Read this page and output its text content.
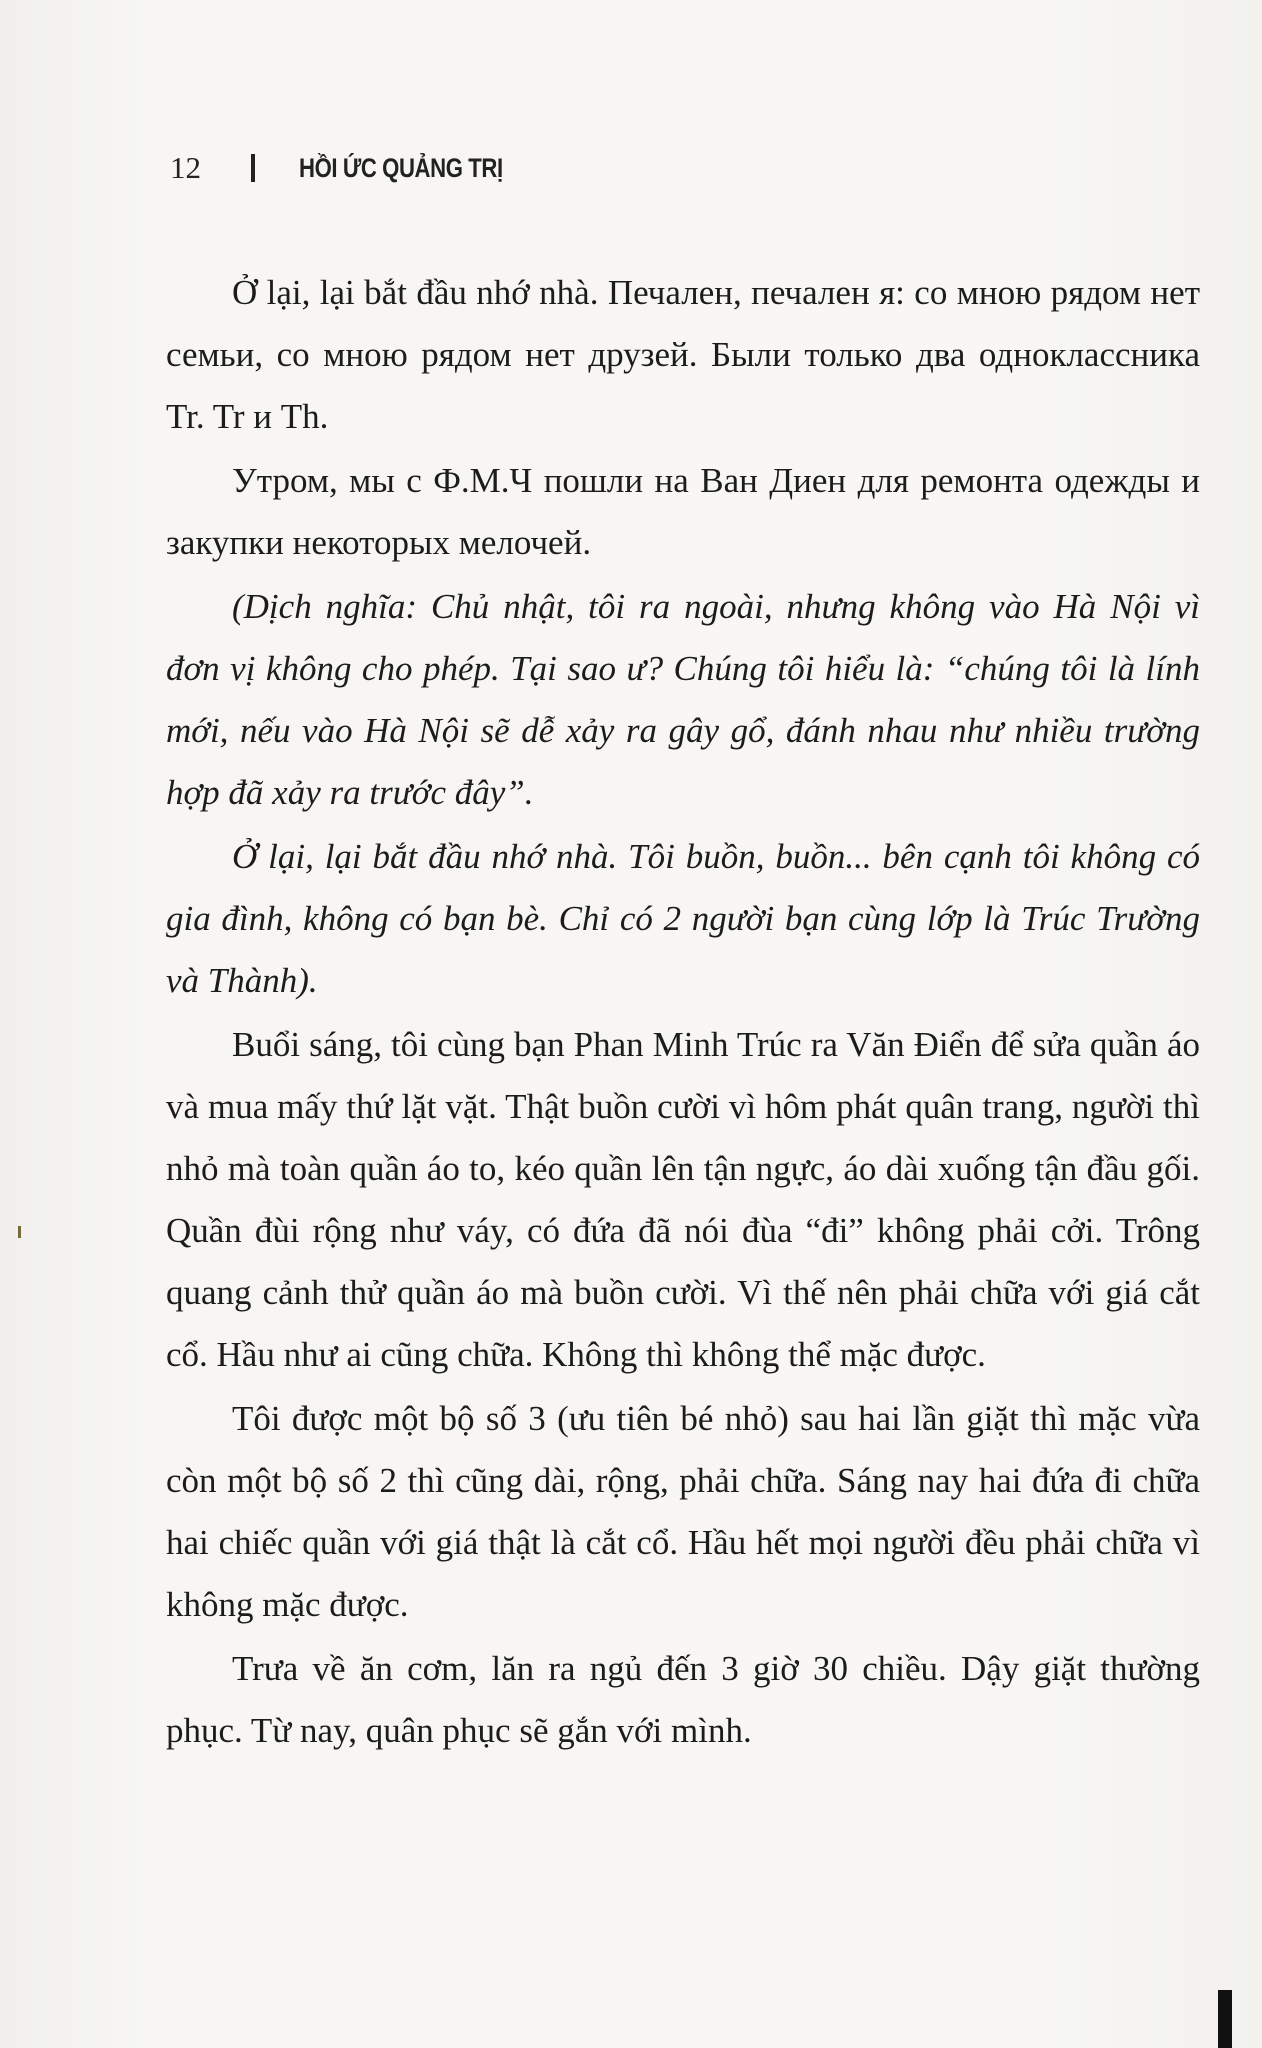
12	HỒI ỨC QUẢNG TRỊ

Ở lại, lại bắt đầu nhớ nhà. Печален, печален я: со мною рядом нет семьи, со мною рядом нет друзей. Были только два одноклассника Tr. Tr и Th.

Утром, мы с Ф.М.Ч пошли на Ван Диен для ремонта одежды и закупки некоторых мелочей.

(Dịch nghĩa: Chủ nhật, tôi ra ngoài, nhưng không vào Hà Nội vì đơn vị không cho phép. Tại sao ư? Chúng tôi hiểu là: “chúng tôi là lính mới, nếu vào Hà Nội sẽ dễ xảy ra gây gổ, đánh nhau như nhiều trường hợp đã xảy ra trước đây”.

Ở lại, lại bắt đầu nhớ nhà. Tôi buồn, buồn... bên cạnh tôi không có gia đình, không có bạn bè. Chỉ có 2 người bạn cùng lớp là Trúc Trường và Thành).

Buổi sáng, tôi cùng bạn Phan Minh Trúc ra Văn Điển để sửa quần áo và mua mấy thứ lặt vặt. Thật buồn cười vì hôm phát quân trang, người thì nhỏ mà toàn quần áo to, kéo quần lên tận ngực, áo dài xuống tận đầu gối. Quần đùi rộng như váy, có đứa đã nói đùa “đi” không phải cởi. Trông quang cảnh thử quần áo mà buồn cười. Vì thế nên phải chữa với giá cắt cổ. Hầu như ai cũng chữa. Không thì không thể mặc được.

Tôi được một bộ số 3 (ưu tiên bé nhỏ) sau hai lần giặt thì mặc vừa còn một bộ số 2 thì cũng dài, rộng, phải chữa. Sáng nay hai đứa đi chữa hai chiếc quần với giá thật là cắt cổ. Hầu hết mọi người đều phải chữa vì không mặc được.

Trưa về ăn cơm, lăn ra ngủ đến 3 giờ 30 chiều. Dậy giặt thường phục. Từ nay, quân phục sẽ gắn với mình.
